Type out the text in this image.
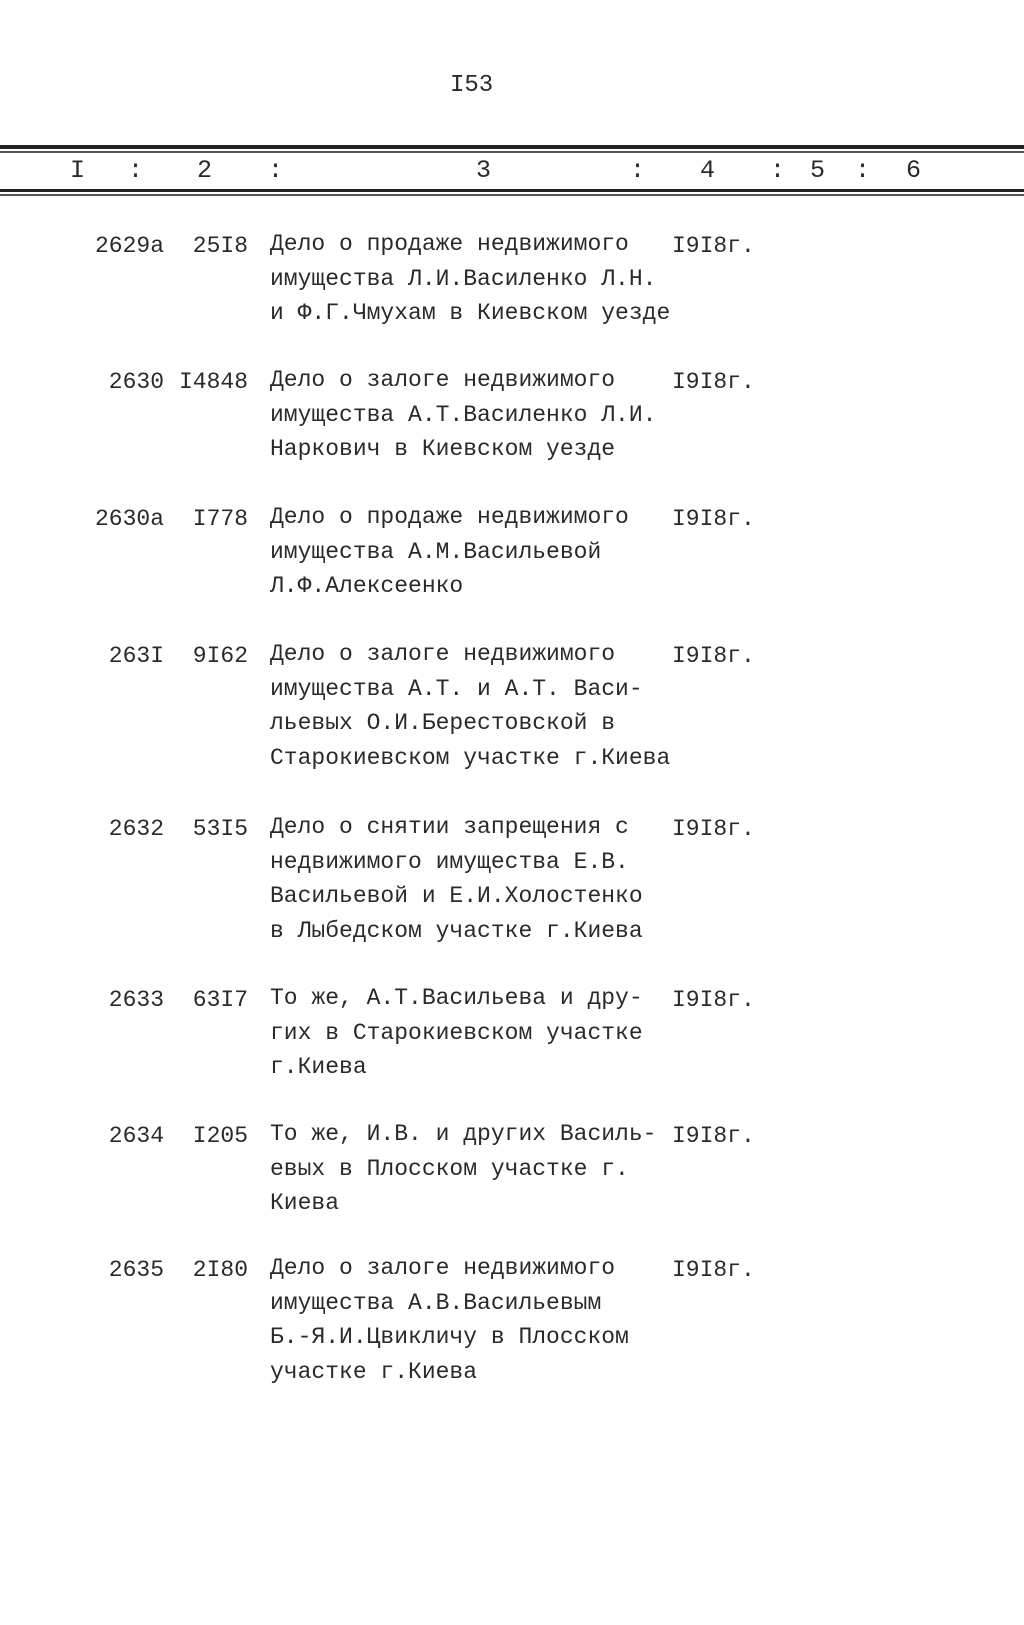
I53
I : 2 :	3	: 4 : 5 : 6
2629а 25I8 Дело о продаже недвижимого
имущества Л.И.Василенко Л.Н.
и Ф.Г.Чмухам в Киевском уезде
I9I8г.
2630 I4848 Дело о залоге недвижимого
имущества А.Т.Василенко Л.И.
Наркович в Киевском уезде
I9I8г.
2630а I778 Дело о продаже недвижимого
имущества А.М.Васильевой
Л.Ф.Алексеенко
I9I8г.
263I 9I62 Дело о залоге недвижимого
имущества А.Т. и А.Т. Васи-
льевых О.И.Берестовской в
Старокиевском участке г.Киева
I9I8г.
2632 53I5 Дело о снятии запрещения с
недвижимого имущества Е.В.
Васильевой и Е.И.Холостенко
в Лыбедском участке г.Киева
I9I8г.
2633 63I7 То же, А.Т.Васильева и дру-
гих в Старокиевском участке
г.Киева
I9I8г.
2634 I205 То же, И.В. и других Василь-
евых в Плосском участке г.
Киева
I9I8г.
2635 2I80 Дело о залоге недвижимого
имущества А.В.Васильевым
Б.-Я.И.Цвикличу в Плосском
участке г.Киева
I9I8г.
